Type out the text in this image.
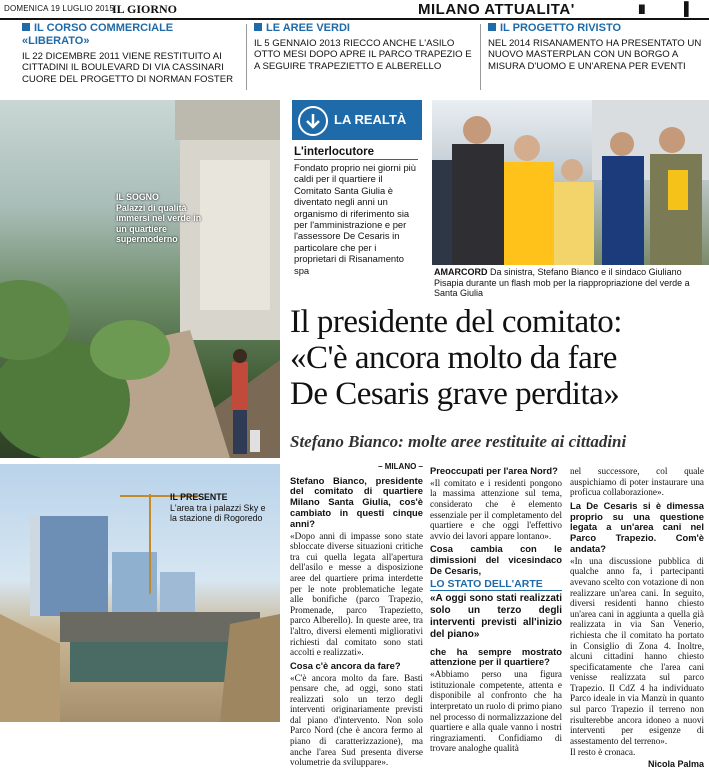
DOMENICA 19 LUGLIO 2015
IL GIORNO	MILANO ATTUALITA'	III	▌
IL CORSO COMMERCIALE «LIBERATO»
IL 22 DICEMBRE 2011 VIENE RESTITUITO AI CITTADINI IL BOULEVARD DI VIA CASSINARI CUORE DEL PROGETTO DI NORMAN FOSTER
LE AREE VERDI
IL 5 GENNAIO 2013 RIECCO ANCHE L'ASILO OTTO MESI DOPO APRE IL PARCO TRAPEZIO E A SEGUIRE TRAPEZIETTO E ALBERELLO
IL PROGETTO RIVISTO
NEL 2014 RISANAMENTO HA PRESENTATO UN NUOVO MASTERPLAN CON UN BORGO A MISURA D'UOMO E UN'ARENA PER EVENTI
IL SOGNO
Palazzi di qualità immersi nel verde in un quartiere supermoderno
IL PRESENTE
L'area tra i palazzi Sky e la stazione di Rogoredo
LA REALTÀ
L'interlocutore
Fondato proprio nei giorni più caldi per il quartiere il Comitato Santa Giulia è diventato negli anni un organismo di riferimento sia per l'amministrazione e per l'assessore De Cesaris in particolare che per i proprietari di Risanamento spa	AMARCORD Da sinistra, Stefano Bianco e il sindaco Giuliano Pisapia durante un flash mob per la riappropriazione del verde a Santa Giulia
Il presidente del comitato:
«C'è ancora molto da fare
De Cesaris grave perdita»
Stefano Bianco: molte aree restituite ai cittadini
– MILANO –
Stefano Bianco, presidente del comitato di quartiere Milano Santa Giulia, cos'è cambiato in questi cinque anni?

«Dopo anni di impasse sono state sbloccate diverse situazioni critiche tra cui quella legata all'apertura dell'asilo e messe a disposizione aree del quartiere prima interdette per le note problematiche legate alle bonifiche (parco Trapezio, Promenade, parco Trapezietto, parco Alberello). In queste aree, tra l'altro, diversi elementi migliorativi richiesti dal comitato sono stati accolti e realizzati».

Cosa c'è ancora da fare?

«C'è ancora molto da fare. Basti pensare che, ad oggi, sono stati realizzati solo un terzo degli interventi originariamente previsti dal piano d'intervento. Non solo Parco Nord (che è ancora fermo al piano di caratterizzazione), ma anche l'area Sud presenta diverse volumetrie da sviluppare».

Preoccupati per l'area Nord?

«Il comitato e i residenti pongono la massima attenzione sul tema, considerato che è elemento essenziale per il completamento del quartiere e che oggi l'effettivo avvio dei lavori appare lontano».

Cosa cambia con le dimissioni del vicesindaco De Cesaris,
LO STATO DELL'ARTE
«A oggi sono stati realizzati solo un terzo degli interventi previsti all'inizio del piano»
che ha sempre mostrato attenzione per il quartiere?

«Abbiamo perso una figura istituzionale competente, attenta e disponibile al confronto che ha interpretato un ruolo di primo piano nel processo di normalizzazione del quartiere e alla quale vanno i nostri ringraziamenti. Confidiamo di trovare analoghe qualità

nel successore, col quale auspichiamo di poter instaurare una proficua collaborazione».

La De Cesaris si è dimessa proprio su una questione legata a un'area cani nel Parco Trapezio. Com'è andata?

«In una discussione pubblica di qualche anno fa, i partecipanti avevano scelto con votazione di non realizzare un'area cani. In seguito, diversi residenti hanno chiesto un'area cani in aggiunta a quella già realizzata in via San Venerio, richiesta che il comitato ha portato in Consiglio di Zona 4. Inoltre, alcuni cittadini hanno chiesto specificatamente che l'area cani venisse realizzata sul parco Trapezio. Il CdZ 4 ha individuato Parco ideale in via Manzù in quanto sul parco Trapezio il terreno non risulterebbe ancora idoneo a nuovi interventi per esigenze di assestamento del terreno».

Il resto è cronaca.

Nicola Palma
